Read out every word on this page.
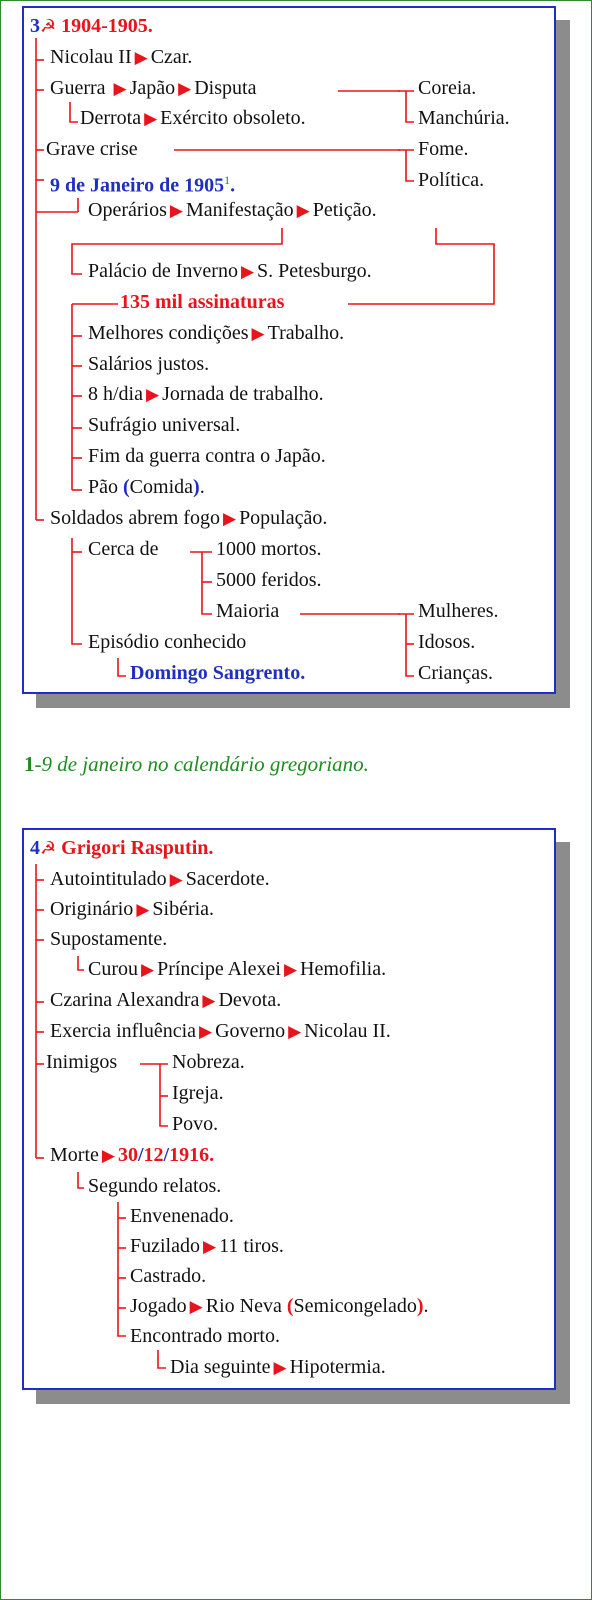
3☭ 1904-1905.
Nicolau II ▶ Czar.
Guerra ▶ Japão ▶ Disputa	Coreia.
Derrota ▶ Exército obsoleto.	Manchúria.
Grave crise	Fome.
9 de Janeiro de 1905$^1$.	Política.
Operários ▶ Manifestação ▶ Petição.
Palácio de Inverno ▶ S. Petesburgo.
135 mil assinaturas
Melhores condições ▶ Trabalho.
Salários justos.
8 h/dia ▶ Jornada de trabalho.
Sufrágio universal.
Fim da guerra contra o Japão.
Pão (Comida).
Soldados abrem fogo ▶ População.
Cerca de	1000 mortos.
5000 feridos.
Maioria	Mulheres.
Episódio conhecido	Idosos.
Domingo Sangrento.	Crianças.
1-9 de janeiro no calendário gregoriano.
4☭ Grigori Rasputin.
Autointitulado ▶ Sacerdote.
Originário ▶ Sibéria.
Supostamente.
Curou ▶ Príncipe Alexei ▶ Hemofilia.
Czarina Alexandra ▶ Devota.
Exercia influência ▶ Governo ▶ Nicolau II.
Inimigos	Nobreza.
Igreja.
Povo.
Morte ▶ 30/12/1916.
Segundo relatos.
Envenenado.
Fuzilado ▶ 11 tiros.
Castrado.
Jogado ▶ Rio Neva (Semicongelado).
Encontrado morto.
Dia seguinte ▶ Hipotermia.
